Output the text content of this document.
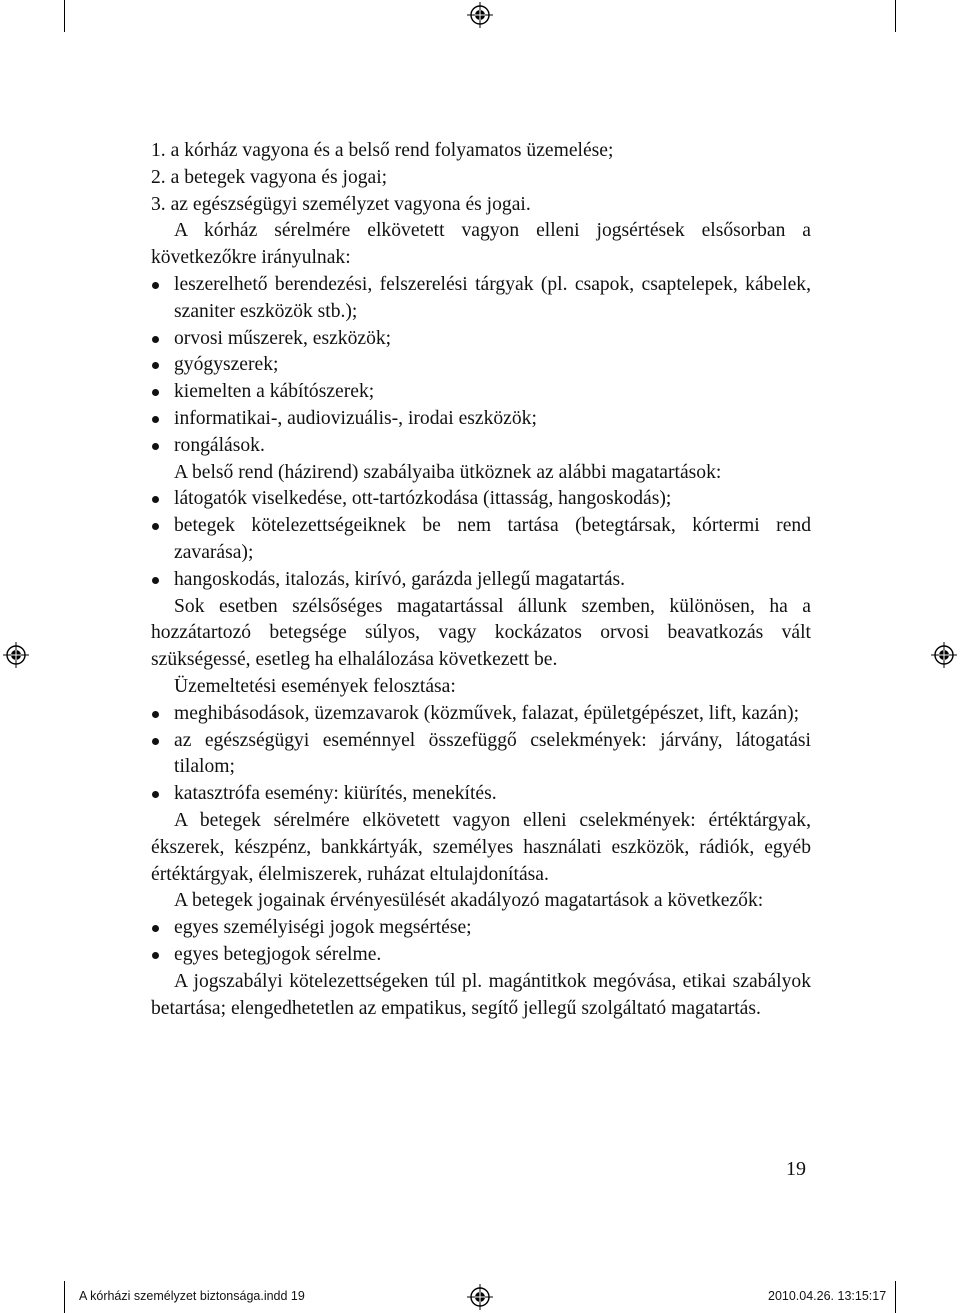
1. a kórház vagyona és a belső rend folyamatos üzemelése;

2. a betegek vagyona és jogai;

3. az egészségügyi személyzet vagyona és jogai.

A kórház sérelmére elkövetett vagyon elleni jogsértések elsősorban a következőkre irányulnak:

leszerelhető berendezési, felszerelési tárgyak (pl. csapok, csaptelepek, kábelek, szaniter eszközök stb.);
orvosi műszerek, eszközök;
gyógyszerek;
kiemelten a kábítószerek;
informatikai-, audiovizuális-, irodai eszközök;
rongálások.

A belső rend (házirend) szabályaiba ütköznek az alábbi magatartások:

látogatók viselkedése, ott-tartózkodása (ittasság, hangoskodás);
betegek kötelezettségeiknek be nem tartása (betegtársak, kórtermi rend zavarása);
hangoskodás, italozás, kirívó, garázda jellegű magatartás.

Sok esetben szélsőséges magatartással állunk szemben, különösen, ha a hozzátartozó betegsége súlyos, vagy kockázatos orvosi beavatkozás vált szükségessé, esetleg ha elhalálozása következett be.

Üzemeltetési események felosztása:

meghibásodások, üzemzavarok (közművek, falazat, épületgépészet, lift, kazán);
az egészségügyi eseménnyel összefüggő cselekmények: járvány, látogatási tilalom;
katasztrófa esemény: kiürítés, menekítés.

A betegek sérelmére elkövetett vagyon elleni cselekmények: értéktárgyak, ékszerek, készpénz, bankkártyák, személyes használati eszközök, rádiók, egyéb értéktárgyak, élelmiszerek, ruházat eltulajdonítása.

A betegek jogainak érvényesülését akadályozó magatartások a következők:

egyes személyiségi jogok megsértése;
egyes betegjogok sérelme.

A jogszabályi kötelezettségeken túl pl. magántitkok megóvása, etikai szabályok betartása; elengedhetetlen az empatikus, segítő jellegű szolgáltató magatartás.

19
A kórházi személyzet biztonsága.indd 19	2010.04.26. 13:15:17
